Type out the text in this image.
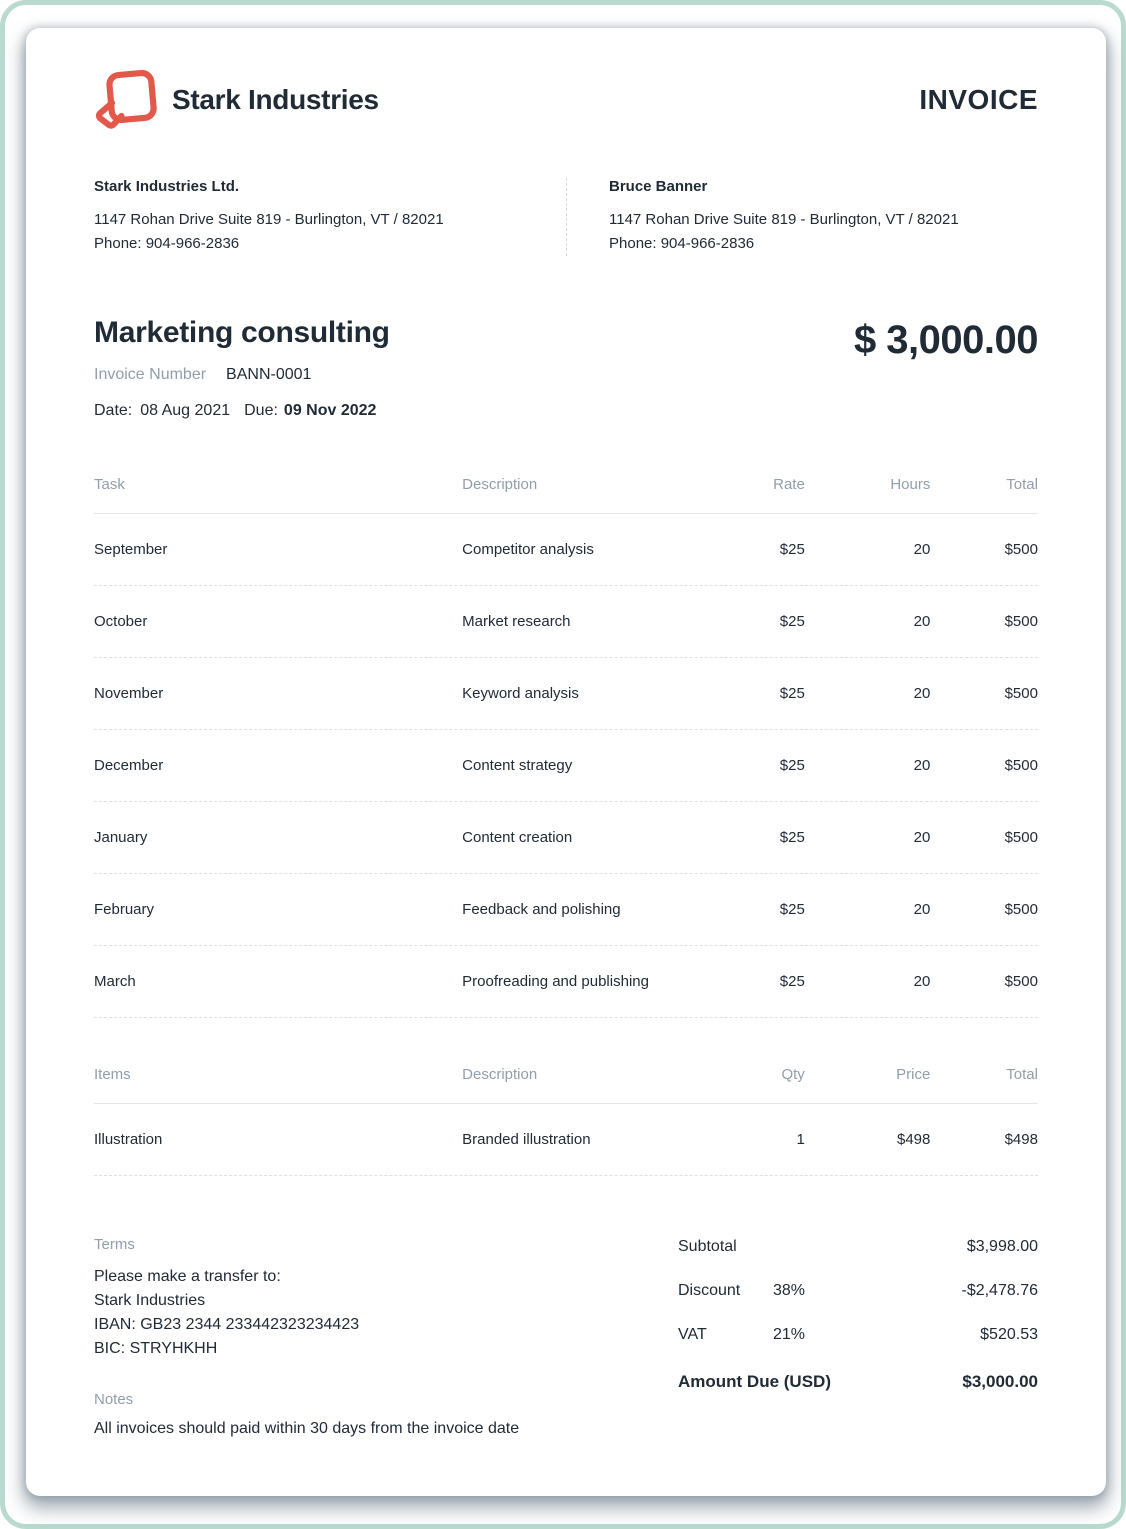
Stark Industries	INVOICE
Stark Industries Ltd.
1147 Rohan Drive Suite 819 - Burlington, VT / 82021
Phone: 904-966-2836
Bruce Banner
1147 Rohan Drive Suite 819 - Burlington, VT / 82021
Phone: 904-966-2836
Marketing consulting
Invoice Number BANN-0001
Date: 08 Aug 2021 Due: 09 Nov 2022
$ 3,000.00
Task	Description	Rate	Hours	Total
September	Competitor analysis	$25	20	$500
October	Market research	$25	20	$500
November	Keyword analysis	$25	20	$500
December	Content strategy	$25	20	$500
January	Content creation	$25	20	$500
February	Feedback and polishing	$25	20	$500
March	Proofreading and publishing	$25	20	$500
Items	Description	Qty	Price	Total
Illustration	Branded illustration	1	$498	$498
Terms
Please make a transfer to:
Stark Industries
IBAN: GB23 2344 233442323234423
BIC: STRYHKHH
Notes
All invoices should paid within 30 days from the invoice date
Subtotal	$3,998.00
Discount	38%	-$2,478.76
VAT	21%	$520.53
Amount Due (USD)	$3,000.00
